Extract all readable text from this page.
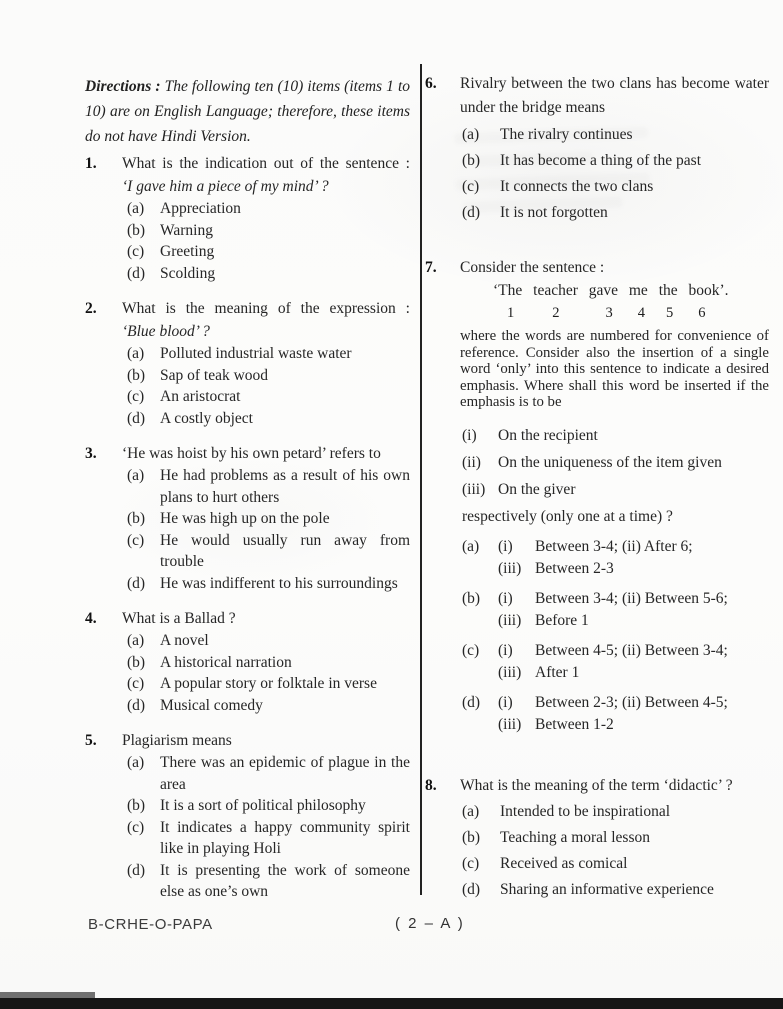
Directions : The following ten (10) items (items 1 to 10) are on English Language; therefore, these items do not have Hindi Version.
1.	What is the indication out of the sentence :
‘I gave him a piece of my mind’ ?
(a)	Appreciation
(b) Warning
(c)	Greeting
(d) Scolding
2.	What is the meaning of the expression :
‘Blue blood’ ?
(a)	Polluted industrial waste water
(b) Sap of teak wood
(c)	An aristocrat
(d) A costly object
3.	‘He was hoist by his own petard’ refers to
(a)	He had problems as a result of his own plans to hurt others
(b) He was high up on the pole
(c)	He would usually run away from trouble
(d) He was indifferent to his surroundings
4.	What is a Ballad ?
(a)	A novel
(b) A historical narration
(c)	A popular story or folktale in verse
(d) Musical comedy
5.	Plagiarism means
(a)	There was an epidemic of plague in the area
(b) It is a sort of political philosophy
(c)	It indicates a happy community spirit like in playing Holi
(d) It is presenting the work of someone else as one’s own
6.	Rivalry between the two clans has become water under the bridge means
(a)	The rivalry continues
(b)	It has become a thing of the past
(c)	It connects the two clans
(d)	It is not forgotten
7.	Consider the sentence :
‘The teacher gave me the book’.
1	2	3 4 5 6
where the words are numbered for convenience of reference. Consider also the insertion of a single word ‘only’ into this sentence to indicate a desired emphasis. Where shall this word be inserted if the emphasis is to be
(i)	On the recipient
(ii)	On the uniqueness of the item given
(iii) On the giver
respectively (only one at a time) ?
(a)	(i)	Between 3-4; (ii) After 6;
(iii) Between 2-3
(b)	(i)	Between 3-4; (ii) Between 5-6;
(iii) Before 1
(c)	(i)	Between 4-5; (ii) Between 3-4;
(iii) After 1
(d)	(i)	Between 2-3; (ii) Between 4-5;
(iii) Between 1-2
8.	What is the meaning of the term ‘didactic’ ?
(a)	Intended to be inspirational
(b)	Teaching a moral lesson
(c)	Received as comical
(d)	Sharing an informative experience
B-CRHE-O-PAPA	( 2 – A )
